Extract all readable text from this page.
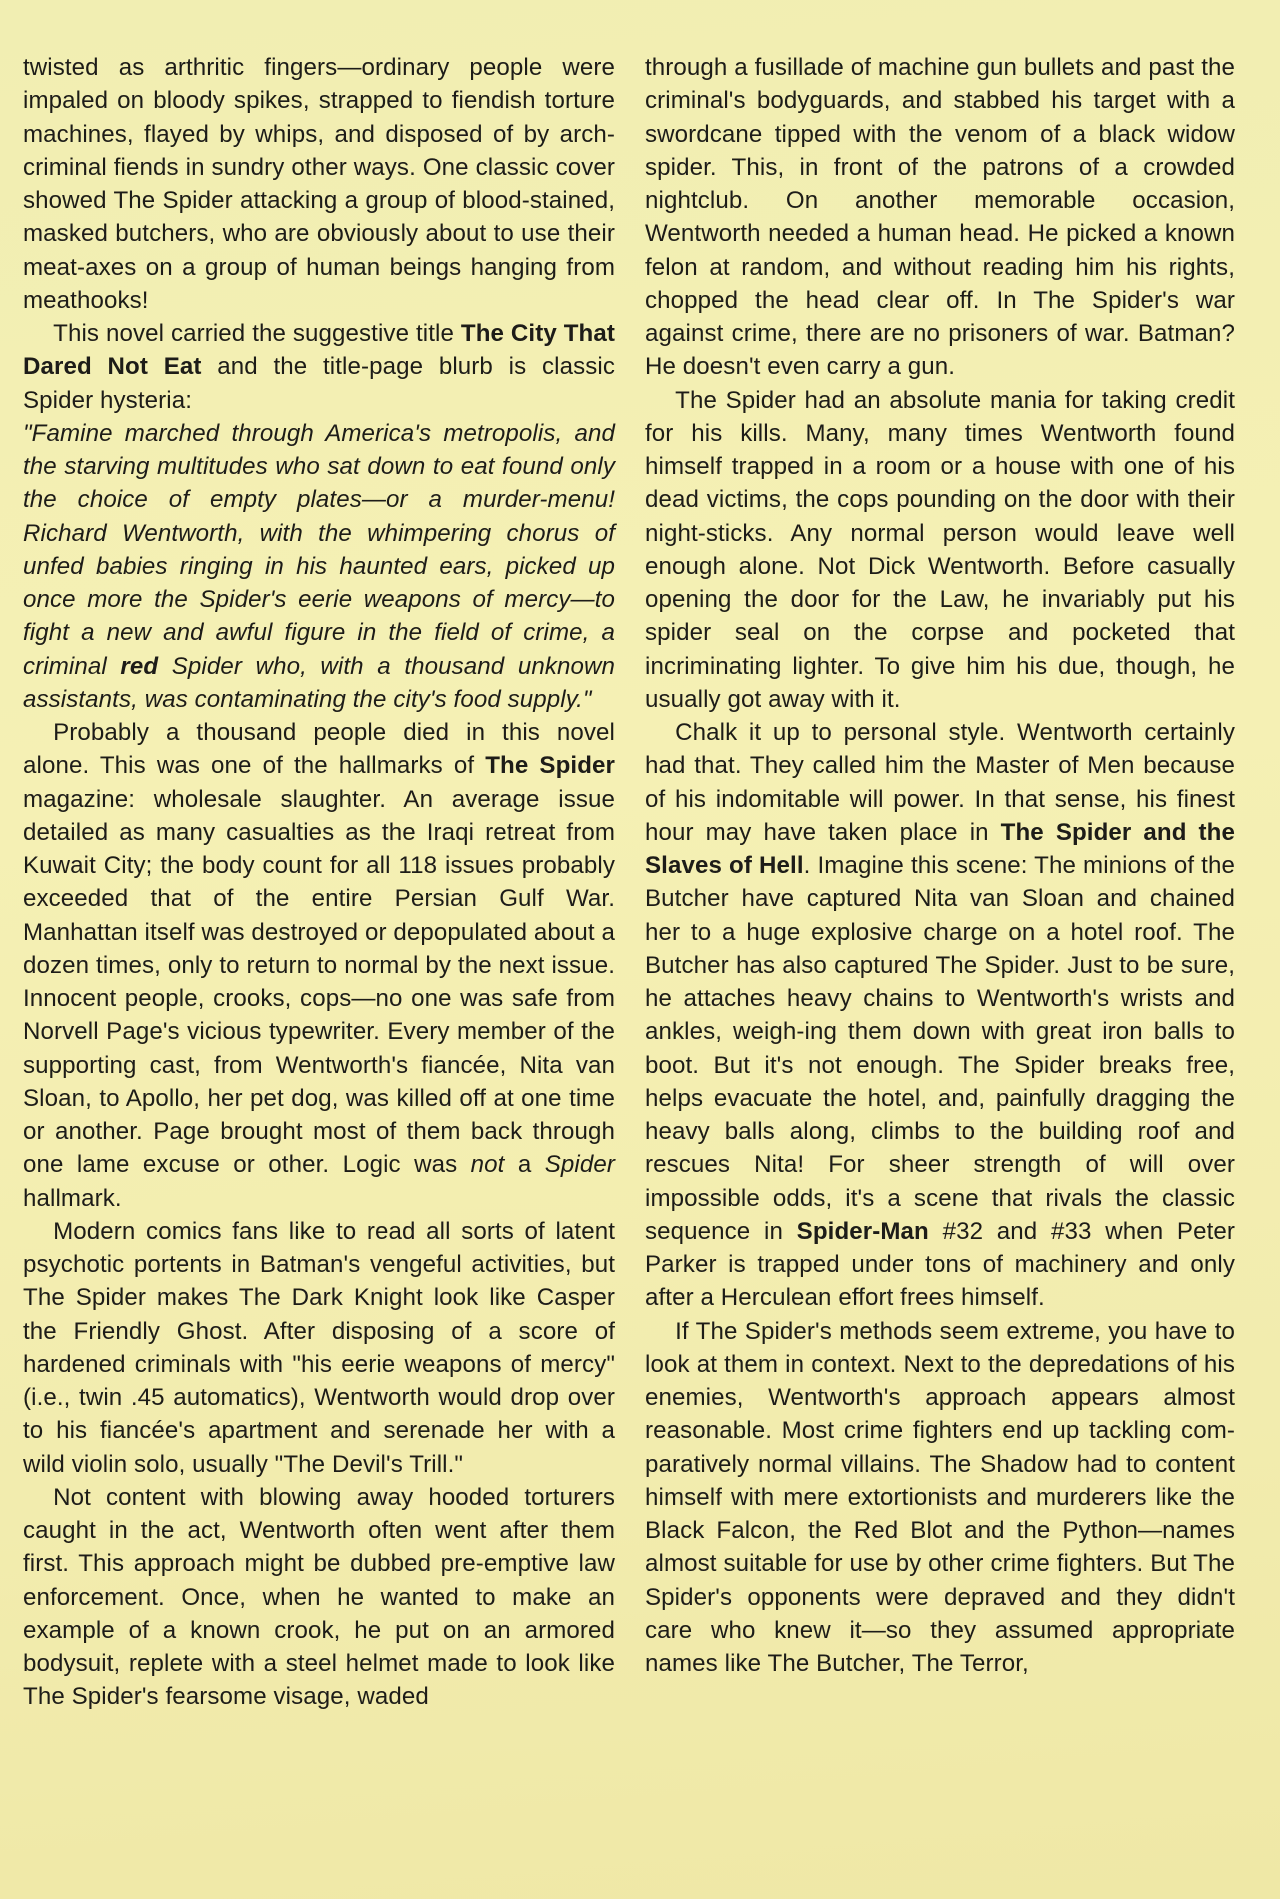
twisted as arthritic fingers—ordinary people were impaled on bloody spikes, strapped to fiendish torture machines, flayed by whips, and disposed of by arch-criminal fiends in sundry other ways. One classic cover showed The Spider attacking a group of blood-stained, masked butchers, who are obviously about to use their meat-axes on a group of human beings hanging from meathooks!

This novel carried the suggestive title The City That Dared Not Eat and the title-page blurb is classic Spider hysteria:

"Famine marched through America's metropolis, and the starving multitudes who sat down to eat found only the choice of empty plates—or a murder-menu! Richard Wentworth, with the whimpering chorus of unfed babies ringing in his haunted ears, picked up once more the Spider's eerie weapons of mercy—to fight a new and awful figure in the field of crime, a criminal red Spider who, with a thousand unknown assistants, was contaminating the city's food supply."

Probably a thousand people died in this novel alone. This was one of the hallmarks of The Spider magazine: wholesale slaughter. An average issue detailed as many casualties as the Iraqi retreat from Kuwait City; the body count for all 118 issues probably exceeded that of the entire Persian Gulf War. Manhattan itself was destroyed or depopulated about a dozen times, only to return to normal by the next issue. Innocent people, crooks, cops—no one was safe from Norvell Page's vicious typewriter. Every member of the supporting cast, from Wentworth's fiancée, Nita van Sloan, to Apollo, her pet dog, was killed off at one time or another. Page brought most of them back through one lame excuse or other. Logic was not a Spider hallmark.

Modern comics fans like to read all sorts of latent psychotic portents in Batman's vengeful activities, but The Spider makes The Dark Knight look like Casper the Friendly Ghost. After disposing of a score of hardened criminals with "his eerie weapons of mercy" (i.e., twin .45 automatics), Wentworth would drop over to his fiancée's apartment and serenade her with a wild violin solo, usually "The Devil's Trill."

Not content with blowing away hooded torturers caught in the act, Wentworth often went after them first. This approach might be dubbed pre-emptive law enforcement. Once, when he wanted to make an example of a known crook, he put on an armored bodysuit, replete with a steel helmet made to look like The Spider's fearsome visage, waded

through a fusillade of machine gun bullets and past the criminal's bodyguards, and stabbed his target with a swordcane tipped with the venom of a black widow spider. This, in front of the patrons of a crowded nightclub. On another memorable occasion, Wentworth needed a human head. He picked a known felon at random, and without reading him his rights, chopped the head clear off. In The Spider's war against crime, there are no prisoners of war. Batman? He doesn't even carry a gun.

The Spider had an absolute mania for taking credit for his kills. Many, many times Wentworth found himself trapped in a room or a house with one of his dead victims, the cops pounding on the door with their night-sticks. Any normal person would leave well enough alone. Not Dick Wentworth. Before casually opening the door for the Law, he invariably put his spider seal on the corpse and pocketed that incriminating lighter. To give him his due, though, he usually got away with it.

Chalk it up to personal style. Wentworth certainly had that. They called him the Master of Men because of his indomitable will power. In that sense, his finest hour may have taken place in The Spider and the Slaves of Hell. Imagine this scene: The minions of the Butcher have captured Nita van Sloan and chained her to a huge explosive charge on a hotel roof. The Butcher has also captured The Spider. Just to be sure, he attaches heavy chains to Wentworth's wrists and ankles, weigh-ing them down with great iron balls to boot. But it's not enough. The Spider breaks free, helps evacuate the hotel, and, painfully dragging the heavy balls along, climbs to the building roof and rescues Nita! For sheer strength of will over impossible odds, it's a scene that rivals the classic sequence in Spider-Man #32 and #33 when Peter Parker is trapped under tons of machinery and only after a Herculean effort frees himself.

If The Spider's methods seem extreme, you have to look at them in context. Next to the depredations of his enemies, Wentworth's approach appears almost reasonable. Most crime fighters end up tackling com-paratively normal villains. The Shadow had to content himself with mere extortionists and murderers like the Black Falcon, the Red Blot and the Python—names almost suitable for use by other crime fighters. But The Spider's opponents were depraved and they didn't care who knew it—so they assumed appropriate names like The Butcher, The Terror,
